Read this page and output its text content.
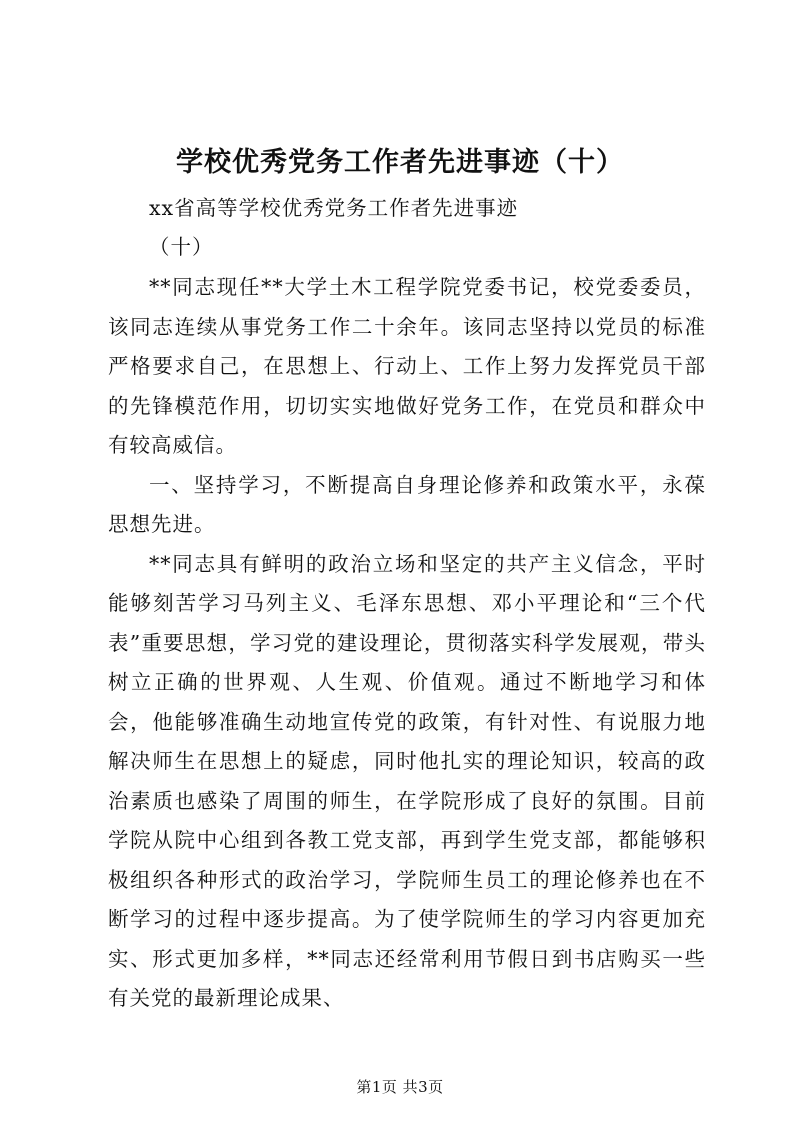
学校优秀党务工作者先进事迹（十）
xx省高等学校优秀党务工作者先进事迹
（十）

**同志现任**大学土木工程学院党委书记，校党委委员，该同志连续从事党务工作二十余年。该同志坚持以党员的标准严格要求自己，在思想上、行动上、工作上努力发挥党员干部的先锋模范作用，切切实实地做好党务工作，在党员和群众中有较高威信。

一、坚持学习，不断提高自身理论修养和政策水平，永葆思想先进。

**同志具有鲜明的政治立场和坚定的共产主义信念，平时能够刻苦学习马列主义、毛泽东思想、邓小平理论和“三个代表”重要思想，学习党的建设理论，贯彻落实科学发展观，带头树立正确的世界观、人生观、价值观。通过不断地学习和体会，他能够准确生动地宣传党的政策，有针对性、有说服力地解决师生在思想上的疑虑，同时他扎实的理论知识，较高的政治素质也感染了周围的师生，在学院形成了良好的氛围。目前学院从院中心组到各教工党支部，再到学生党支部，都能够积极组织各种形式的政治学习，学院师生员工的理论修养也在不断学习的过程中逐步提高。为了使学院师生的学习内容更加充实、形式更加多样，**同志还经常利用节假日到书店购买一些有关党的最新理论成果、

第1页 共3页
